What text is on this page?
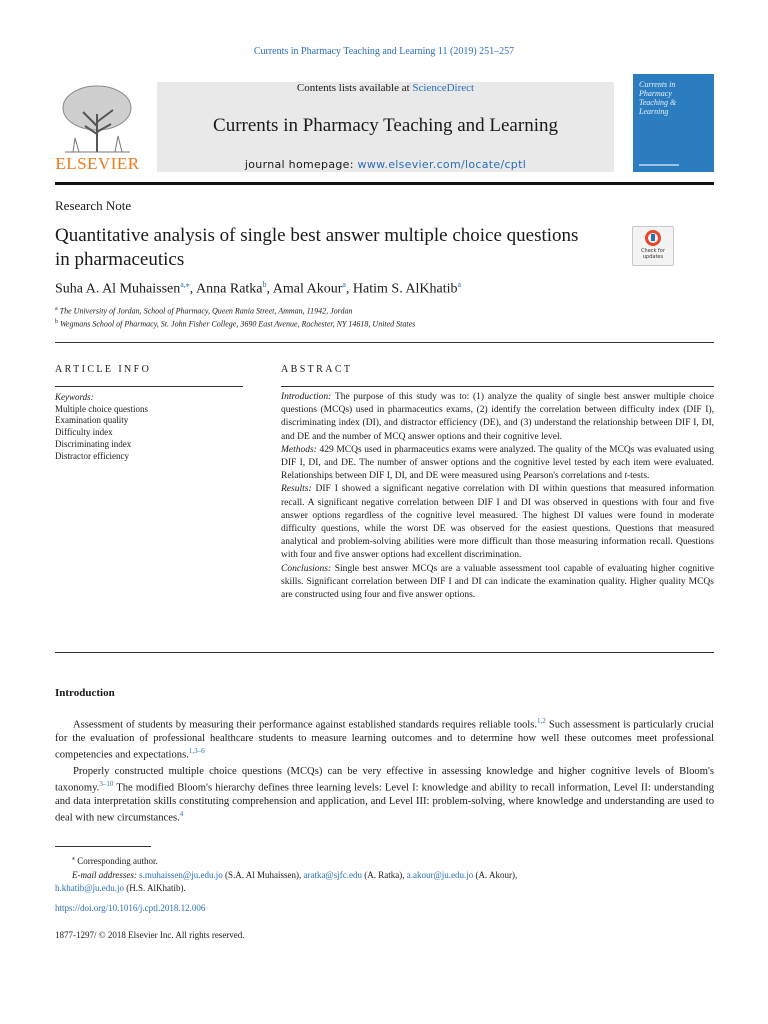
Currents in Pharmacy Teaching and Learning 11 (2019) 251–257
ELSEVIER
Contents lists available at ScienceDirect
Currents in Pharmacy Teaching and Learning
journal homepage: www.elsevier.com/locate/cptl
Currents in Pharmacy Teaching & Learning
Research Note
Quantitative analysis of single best answer multiple choice questions in pharmaceutics	Check for updates
Suha A. Al Muhaissen$^{a,⁎}$, Anna Ratka$^b$, Amal Akour$^a$, Hatim S. AlKhatib$^a$
$^a$ The University of Jordan, School of Pharmacy, Queen Rania Street, Amman, 11942, Jordan
$^b$ Wegmans School of Pharmacy, St. John Fisher College, 3690 East Avenue, Rochester, NY 14618, United States
ARTICLE INFO
Keywords:
Multiple choice questions
Examination quality
Difficulty index
Discriminating index
Distractor efficiency
ABSTRACT

Introduction: The purpose of this study was to: (1) analyze the quality of single best answer multiple choice questions (MCQs) used in pharmaceutics exams, (2) identify the correlation between difficulty index (DIF I), discriminating index (DI), and distractor efficiency (DE), and (3) understand the relationship between DIF I, DI, and DE and the number of MCQ answer options and their cognitive level.

Methods: 429 MCQs used in pharmaceutics exams were analyzed. The quality of the MCQs was evaluated using DIF I, DI, and DE. The number of answer options and the cognitive level tested by each item were evaluated. Relationships between DIF I, DI, and DE were measured using Pearson's correlations and t-tests.

Results: DIF I showed a significant negative correlation with DI within questions that measured information recall. A significant negative correlation between DIF I and DI was observed in questions with four and five answer options regardless of the cognitive level measured. The highest DI values were found in moderate difficulty questions, while the worst DE was observed for the easiest questions. Questions that measured analytical and problem-solving abilities were more difficult than those measuring information recall. Questions with four and five answer options had excellent discrimination.

Conclusions: Single best answer MCQs are a valuable assessment tool capable of evaluating higher cognitive skills. Significant correlation between DIF I and DI can indicate the examination quality. Higher quality MCQs are constructed using four and five answer options.

Introduction

Assessment of students by measuring their performance against established standards requires reliable tools.$^{1,2}$ Such assessment is particularly crucial for the evaluation of professional healthcare students to measure learning outcomes and to determine how well these outcomes meet professional competencies and expectations.$^{1,3-6}$

Properly constructed multiple choice questions (MCQs) can be very effective in assessing knowledge and higher cognitive levels of Bloom's taxonomy.$^{3-10}$ The modified Bloom's hierarchy defines three learning levels: Level I: knowledge and ability to recall information, Level II: understanding and data interpretation skills constituting comprehension and application, and Level III: problem-solving, where knowledge and understanding are used to deal with new circumstances.$^4$

⁎ Corresponding author.
E-mail addresses: s.muhaissen@ju.edu.jo (S.A. Al Muhaissen), aratka@sjfc.edu (A. Ratka), a.akour@ju.edu.jo (A. Akour),
h.khatib@ju.edu.jo (H.S. AlKhatib).
https://doi.org/10.1016/j.cptl.2018.12.006
1877-1297/ © 2018 Elsevier Inc. All rights reserved.
